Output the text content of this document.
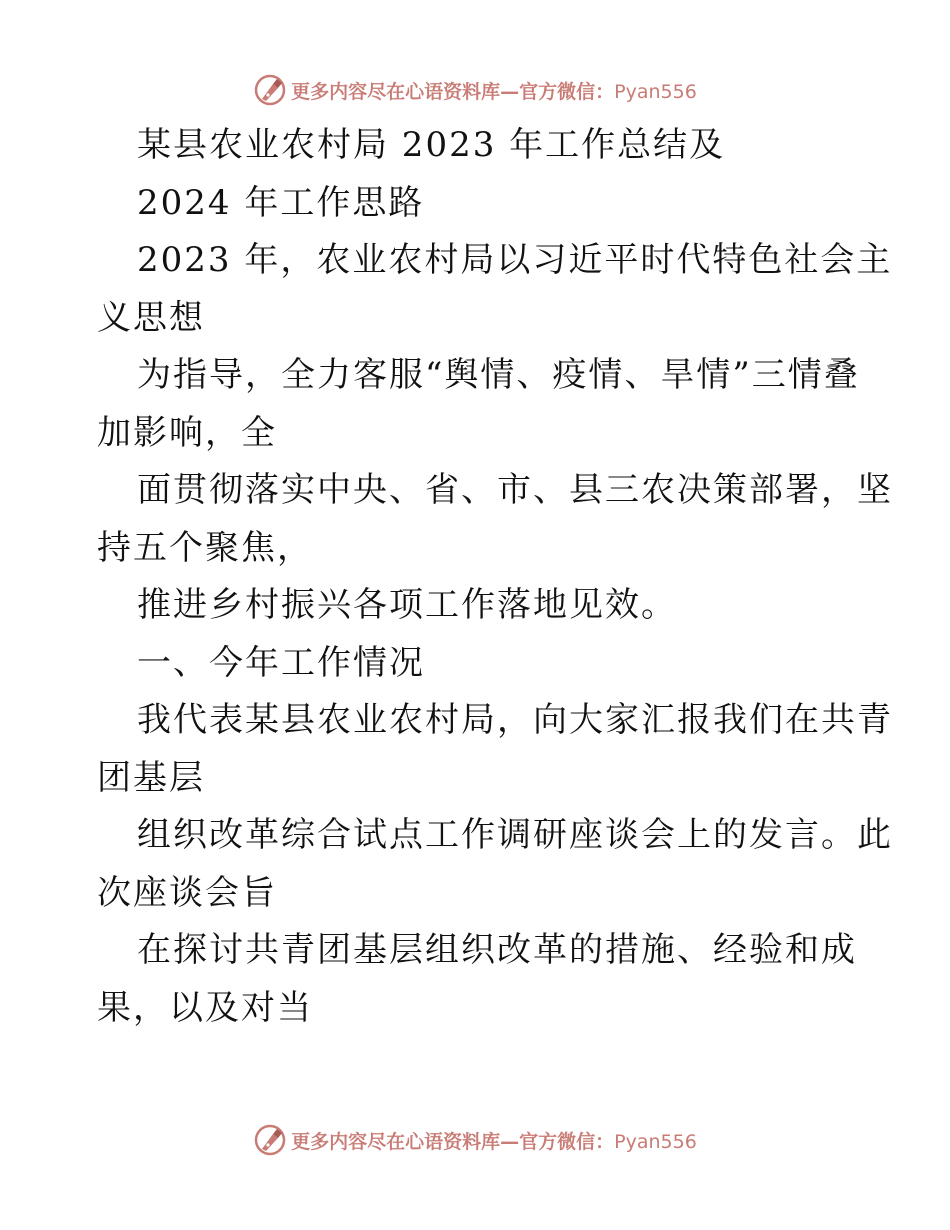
更多内容尽在心语资料库—官方微信：Pyan556
某县农业农村局 2023 年工作总结及
2024 年工作思路
2023 年，农业农村局以习近平时代特色社会主
义思想
为指导，全力客服“舆情、疫情、旱情”三情叠
加影响，全
面贯彻落实中央、省、市、县三农决策部署，坚
持五个聚焦，
推进乡村振兴各项工作落地见效。
一、今年工作情况
我代表某县农业农村局，向大家汇报我们在共青
团基层
组织改革综合试点工作调研座谈会上的发言。此
次座谈会旨
在探讨共青团基层组织改革的措施、经验和成
果，以及对当
更多内容尽在心语资料库—官方微信：Pyan556
